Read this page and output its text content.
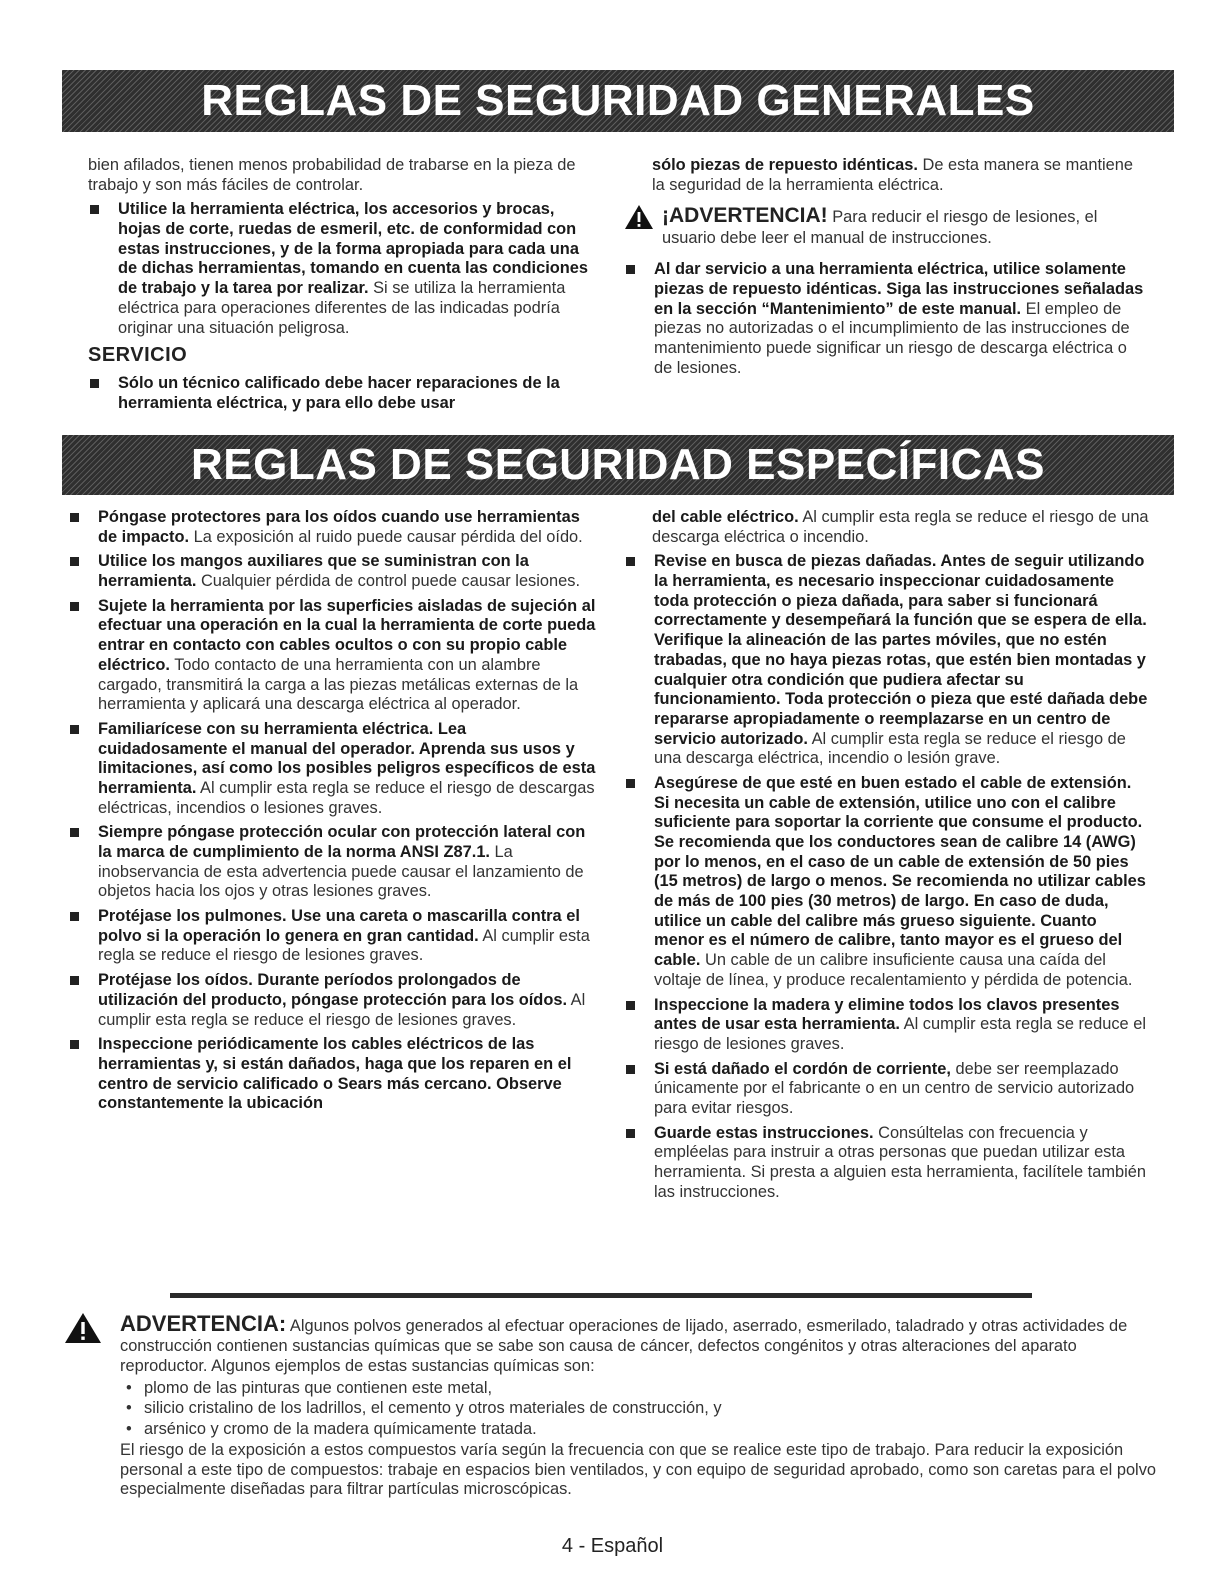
REGLAS DE SEGURIDAD GENERALES

bien afilados, tienen menos probabilidad de trabarse en la pieza de trabajo y son más fáciles de controlar.

Utilice la herramienta eléctrica, los accesorios y brocas, hojas de corte, ruedas de esmeril, etc. de conformidad con estas instrucciones, y de la forma apropiada para cada una de dichas herramientas, tomando en cuenta las condiciones de trabajo y la tarea por realizar. Si se utiliza la herramienta eléctrica para operaciones diferentes de las indicadas podría originar una situación peligrosa.
SERVICIO
Sólo un técnico calificado debe hacer reparaciones de la herramienta eléctrica, y para ello debe usar

sólo piezas de repuesto idénticas. De esta manera se mantiene la seguridad de la herramienta eléctrica.

¡ADVERTENCIA! Para reducir el riesgo de lesiones, el usuario debe leer el manual de instrucciones.
Al dar servicio a una herramienta eléctrica, utilice solamente piezas de repuesto idénticas. Siga las instrucciones señaladas en la sección “Mantenimiento” de este manual. El empleo de piezas no autorizadas o el incumplimiento de las instrucciones de mantenimiento puede significar un riesgo de descarga eléctrica o de lesiones.
REGLAS DE SEGURIDAD ESPECÍFICAS
Póngase protectores para los oídos cuando use herramientas de impacto. La exposición al ruido puede causar pérdida del oído.
Utilice los mangos auxiliares que se suministran con la herramienta. Cualquier pérdida de control puede causar lesiones.
Sujete la herramienta por las superficies aisladas de sujeción al efectuar una operación en la cual la herramienta de corte pueda entrar en contacto con cables ocultos o con su propio cable eléctrico. Todo contacto de una herramienta con un alambre cargado, transmitirá la carga a las piezas metálicas externas de la herramienta y aplicará una descarga eléctrica al operador.
Familiarícese con su herramienta eléctrica. Lea cuidadosamente el manual del operador. Aprenda sus usos y limitaciones, así como los posibles peligros específicos de esta herramienta. Al cumplir esta regla se reduce el riesgo de descargas eléctricas, incendios o lesiones graves.
Siempre póngase protección ocular con protección lateral con la marca de cumplimiento de la norma ANSI Z87.1. La inobservancia de esta advertencia puede causar el lanzamiento de objetos hacia los ojos y otras lesiones graves.
Protéjase los pulmones. Use una careta o mascarilla contra el polvo si la operación lo genera en gran cantidad. Al cumplir esta regla se reduce el riesgo de lesiones graves.
Protéjase los oídos. Durante períodos prolongados de utilización del producto, póngase protección para los oídos. Al cumplir esta regla se reduce el riesgo de lesiones graves.
Inspeccione periódicamente los cables eléctricos de las herramientas y, si están dañados, haga que los reparen en el centro de servicio calificado o Sears más cercano. Observe constantemente la ubicación

del cable eléctrico. Al cumplir esta regla se reduce el riesgo de una descarga eléctrica o incendio.

Revise en busca de piezas dañadas. Antes de seguir utilizando la herramienta, es necesario inspeccionar cuidadosamente toda protección o pieza dañada, para saber si funcionará correctamente y desempeñará la función que se espera de ella. Verifique la alineación de las partes móviles, que no estén trabadas, que no haya piezas rotas, que estén bien montadas y cualquier otra condición que pudiera afectar su funcionamiento. Toda protección o pieza que esté dañada debe repararse apropiadamente o reemplazarse en un centro de servicio autorizado. Al cumplir esta regla se reduce el riesgo de una descarga eléctrica, incendio o lesión grave.
Asegúrese de que esté en buen estado el cable de extensión. Si necesita un cable de extensión, utilice uno con el calibre suficiente para soportar la corriente que consume el producto. Se recomienda que los conductores sean de calibre 14 (AWG) por lo menos, en el caso de un cable de extensión de 50 pies (15 metros) de largo o menos. Se recomienda no utilizar cables de más de 100 pies (30 metros) de largo. En caso de duda, utilice un cable del calibre más grueso siguiente. Cuanto menor es el número de calibre, tanto mayor es el grueso del cable. Un cable de un calibre insuficiente causa una caída del voltaje de línea, y produce recalentamiento y pérdida de potencia.
Inspeccione la madera y elimine todos los clavos presentes antes de usar esta herramienta. Al cumplir esta regla se reduce el riesgo de lesiones graves.
Si está dañado el cordón de corriente, debe ser reemplazado únicamente por el fabricante o en un centro de servicio autorizado para evitar riesgos.
Guarde estas instrucciones. Consúltelas con frecuencia y empléelas para instruir a otras personas que puedan utilizar esta herramienta. Si presta a alguien esta herramienta, facilítele también las instrucciones.

ADVERTENCIA: Algunos polvos generados al efectuar operaciones de lijado, aserrado, esmerilado, taladrado y otras actividades de construcción contienen sustancias químicas que se sabe son causa de cáncer, defectos congénitos y otras alteraciones del aparato reproductor. Algunos ejemplos de estas sustancias químicas son:

• plomo de las pinturas que contienen este metal,
• silicio cristalino de los ladrillos, el cemento y otros materiales de construcción, y
• arsénico y cromo de la madera químicamente tratada.

El riesgo de la exposición a estos compuestos varía según la frecuencia con que se realice este tipo de trabajo. Para reducir la exposición personal a este tipo de compuestos: trabaje en espacios bien ventilados, y con equipo de seguridad aprobado, como son caretas para el polvo especialmente diseñadas para filtrar partículas microscópicas.

4 - Español
